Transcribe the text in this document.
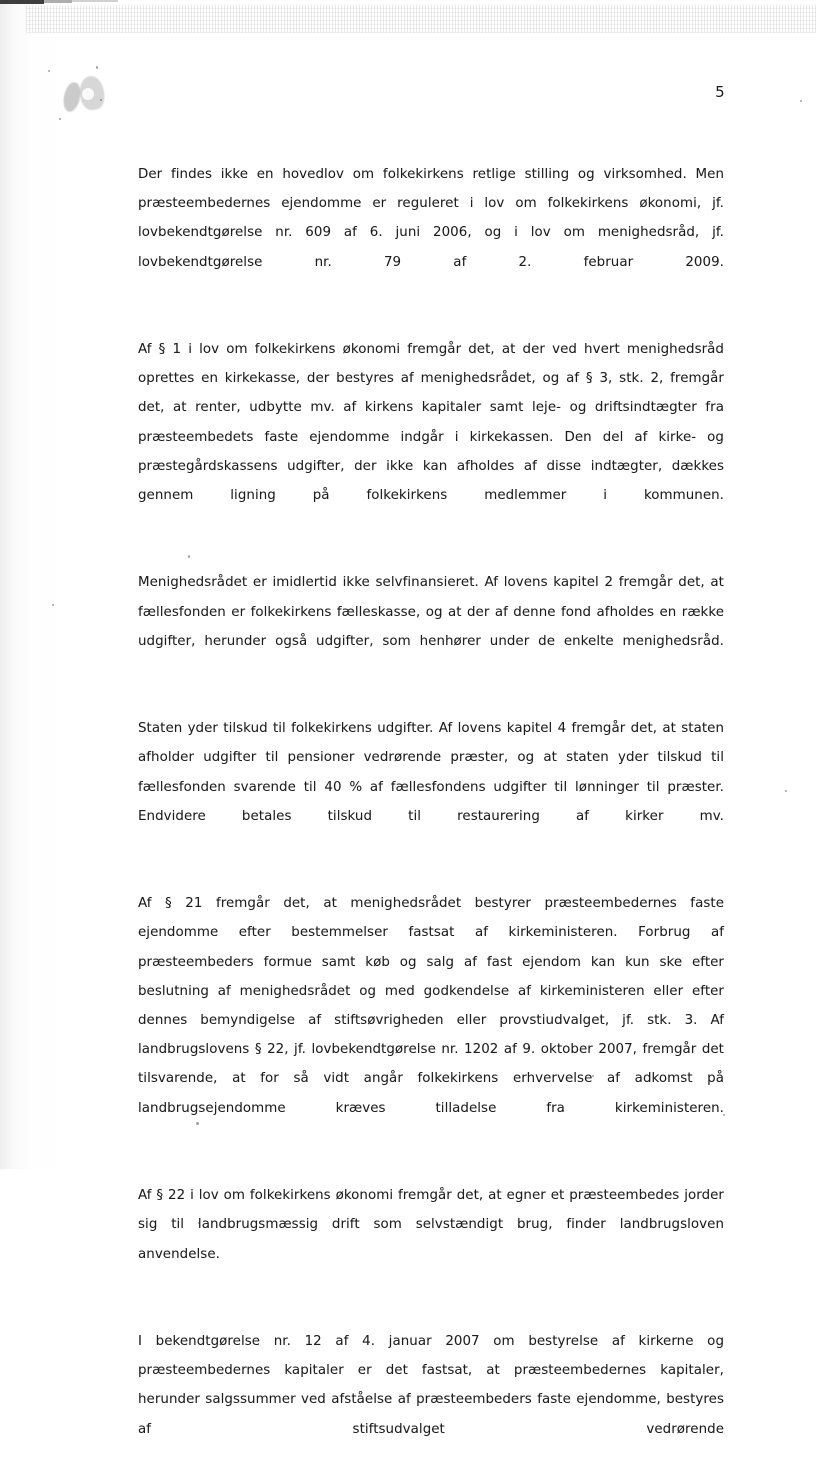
5

Der findes ikke en hovedlov om folkekirkens retlige stilling og virksomhed. Men præsteembedernes ejendomme er reguleret i lov om folkekirkens økonomi, jf. lovbekendtgørelse nr. 609 af 6. juni 2006, og i lov om menighedsråd, jf. lovbekendtgørelse nr. 79 af 2. februar 2009.

Af § 1 i lov om folkekirkens økonomi fremgår det, at der ved hvert menighedsråd oprettes en kirkekasse, der bestyres af menighedsrådet, og af § 3, stk. 2, fremgår det, at renter, udbytte mv. af kirkens kapitaler samt leje- og driftsindtægter fra præsteembedets faste ejendomme indgår i kirkekassen. Den del af kirke- og præstegårdskassens udgifter, der ikke kan afholdes af disse indtægter, dækkes gennem ligning på folkekirkens medlemmer i kommunen.

Menighedsrådet er imidlertid ikke selvfinansieret. Af lovens kapitel 2 fremgår det, at fællesfonden er folkekirkens fælleskasse, og at der af denne fond afholdes en række udgifter, herunder også udgifter, som henhører under de enkelte menighedsråd.

Staten yder tilskud til folkekirkens udgifter. Af lovens kapitel 4 fremgår det, at staten afholder udgifter til pensioner vedrørende præster, og at staten yder tilskud til fællesfonden svarende til 40 % af fællesfondens udgifter til lønninger til præster. Endvidere betales tilskud til restaurering af kirker mv.

Af § 21 fremgår det, at menighedsrådet bestyrer præsteembedernes faste ejendomme efter bestemmelser fastsat af kirkeministeren. Forbrug af præsteembeders formue samt køb og salg af fast ejendom kan kun ske efter beslutning af menighedsrådet og med godkendelse af kirkeministeren eller efter dennes bemyndigelse af stiftsøvrigheden eller provstiudvalget, jf. stk. 3. Af landbrugslovens § 22, jf. lovbekendtgørelse nr. 1202 af 9. oktober 2007, fremgår det tilsvarende, at for så vidt angår folkekirkens erhvervelse af adkomst på landbrugsejendomme kræves tilladelse fra kirkeministeren.

Af § 22 i lov om folkekirkens økonomi fremgår det, at egner et præsteembedes jorder sig til landbrugsmæssig drift som selvstændigt brug, finder landbrugsloven anvendelse.

I bekendtgørelse nr. 12 af 4. januar 2007 om bestyrelse af kirkerne og præsteembedernes kapitaler er det fastsat, at præsteembedernes kapitaler, herunder salgssummer ved afståelse af præsteembeders faste ejendomme, bestyres af stiftsudvalget vedrørende
